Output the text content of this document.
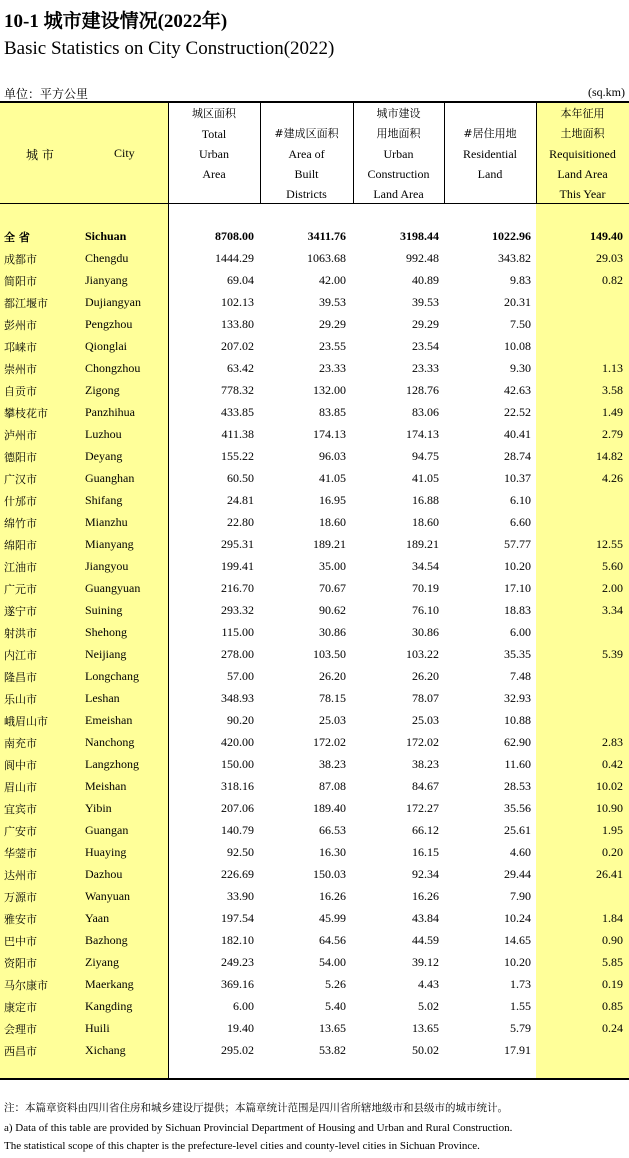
10-1 城市建设情况(2022年)
Basic Statistics on City Construction(2022)
单位：平方公里	(sq.km)
城 市	City
城区面积
Total
Urban
Area
#建成区面积
Area of
Built
Districts
城市建设
用地面积
Urban
Construction
Land Area
#居住用地
Residential
Land
本年征用
土地面积
Requisitioned
Land Area
This Year
全 省	Sichuan	8708.00	3411.76	3198.44	1022.96	149.40
成都市	Chengdu	1444.29	1063.68	992.48	343.82	29.03
简阳市	Jianyang	69.04	42.00	40.89	9.83	0.82
都江堰市	Dujiangyan	102.13	39.53	39.53	20.31
彭州市	Pengzhou	133.80	29.29	29.29	7.50
邛崃市	Qionglai	207.02	23.55	23.54	10.08
崇州市	Chongzhou	63.42	23.33	23.33	9.30	1.13
自贡市	Zigong	778.32	132.00	128.76	42.63	3.58
攀枝花市	Panzhihua	433.85	83.85	83.06	22.52	1.49
泸州市	Luzhou	411.38	174.13	174.13	40.41	2.79
德阳市	Deyang	155.22	96.03	94.75	28.74	14.82
广汉市	Guanghan	60.50	41.05	41.05	10.37	4.26
什邡市	Shifang	24.81	16.95	16.88	6.10
绵竹市	Mianzhu	22.80	18.60	18.60	6.60
绵阳市	Mianyang	295.31	189.21	189.21	57.77	12.55
江油市	Jiangyou	199.41	35.00	34.54	10.20	5.60
广元市	Guangyuan	216.70	70.67	70.19	17.10	2.00
遂宁市	Suining	293.32	90.62	76.10	18.83	3.34
射洪市	Shehong	115.00	30.86	30.86	6.00
内江市	Neijiang	278.00	103.50	103.22	35.35	5.39
隆昌市	Longchang	57.00	26.20	26.20	7.48
乐山市	Leshan	348.93	78.15	78.07	32.93
峨眉山市	Emeishan	90.20	25.03	25.03	10.88
南充市	Nanchong	420.00	172.02	172.02	62.90	2.83
阆中市	Langzhong	150.00	38.23	38.23	11.60	0.42
眉山市	Meishan	318.16	87.08	84.67	28.53	10.02
宜宾市	Yibin	207.06	189.40	172.27	35.56	10.90
广安市	Guangan	140.79	66.53	66.12	25.61	1.95
华蓥市	Huaying	92.50	16.30	16.15	4.60	0.20
达州市	Dazhou	226.69	150.03	92.34	29.44	26.41
万源市	Wanyuan	33.90	16.26	16.26	7.90
雅安市	Yaan	197.54	45.99	43.84	10.24	1.84
巴中市	Bazhong	182.10	64.56	44.59	14.65	0.90
资阳市	Ziyang	249.23	54.00	39.12	10.20	5.85
马尔康市	Maerkang	369.16	5.26	4.43	1.73	0.19
康定市	Kangding	6.00	5.40	5.02	1.55	0.85
会理市	Huili	19.40	13.65	13.65	5.79	0.24
西昌市	Xichang	295.02	53.82	50.02	17.91
注：本篇章资料由四川省住房和城乡建设厅提供；本篇章统计范围是四川省所辖地级市和县级市的城市统计。
a) Data of this table are provided by Sichuan Provincial Department of Housing and Urban and Rural Construction.
The statistical scope of this chapter is the prefecture-level cities and county-level cities in Sichuan Province.
